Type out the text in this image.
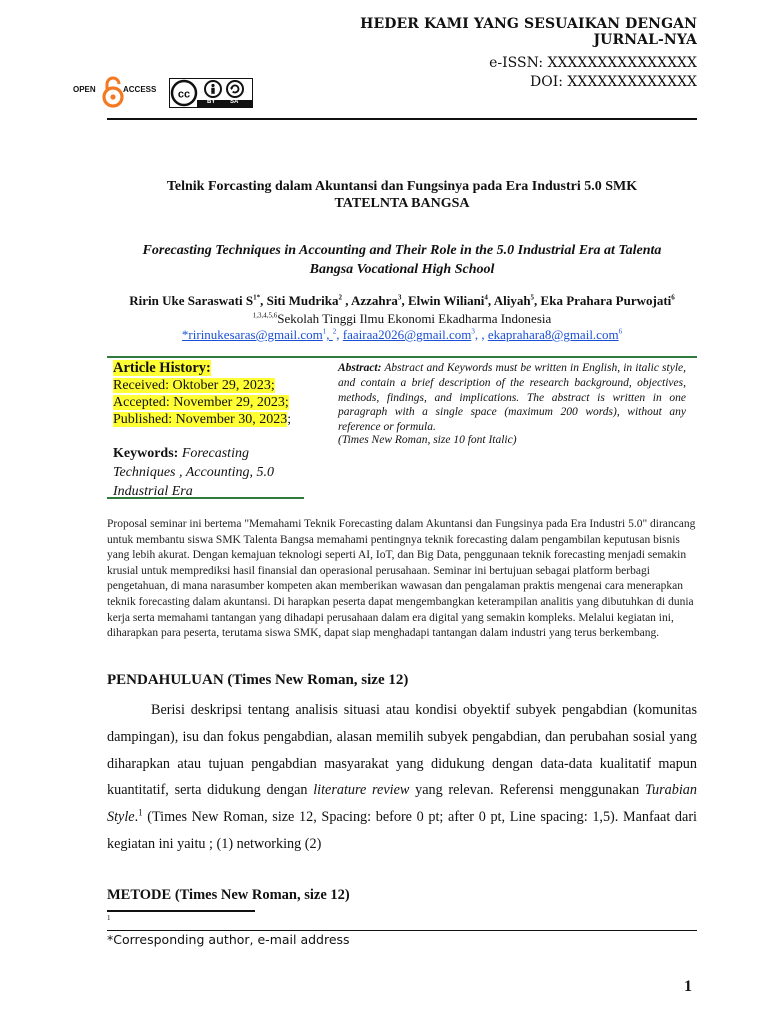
HEDER KAMI YANG SESUAIKAN DENGAN JURNAL-NYA
e-ISSN: XXXXXXXXXXXXXXX
DOI: XXXXXXXXXXXXX
OPEN	ACCESS cc
BY SA
Telnik Forcasting dalam Akuntansi dan Fungsinya pada Era Industri 5.0 SMK
TATELNTA BANGSA
Forecasting Techniques in Accounting and Their Role in the 5.0 Industrial Era at Talenta
Bangsa Vocational High School
Ririn Uke Saraswati $S^{1*}$, Siti Mudrika$^2$ , Azzahra$^3$, Elwin Wiliani$^4$, Aliyah$^5$, Eka Prahara Purwojati$^6$
$^{1,3,4,5,6}$Sekolah Tinggi Ilmu Ekonomi Ekadharma Indonesia
*ririnukesaras@gmail.com$^1$, $^2$, faairaa2026@gmail.com$^3$, , ekaprahara8@gmail.com$^6$
Article History:
Received: Oktober 29, 2023;
Accepted: November 29, 2023;
Published: November 30, 2023;
Keywords: Forecasting Techniques , Accounting, 5.0 Industrial Era
Abstract: Abstract and Keywords must be written in English, in italic style, and contain a brief description of the research background, objectives, methods, findings, and implications. The abstract is written in one paragraph with a single space (maximum 200 words), without any reference or formula.
(Times New Roman, size 10 font Italic)
Proposal seminar ini bertema "Memahami Teknik Forecasting dalam Akuntansi dan Fungsinya pada Era Industri 5.0" dirancang untuk membantu siswa SMK Talenta Bangsa memahami pentingnya teknik forecasting dalam pengambilan keputusan bisnis yang lebih akurat. Dengan kemajuan teknologi seperti AI, IoT, dan Big Data, penggunaan teknik forecasting menjadi semakin krusial untuk memprediksi hasil finansial dan operasional perusahaan. Seminar ini bertujuan sebagai platform berbagi pengetahuan, di mana narasumber kompeten akan memberikan wawasan dan pengalaman praktis mengenai cara menerapkan teknik forecasting dalam akuntansi. Di harapkan peserta dapat mengembangkan keterampilan analitis yang dibutuhkan di dunia kerja serta memahami tantangan yang dihadapi perusahaan dalam era digital yang semakin kompleks. Melalui kegiatan ini, diharapkan para peserta, terutama siswa SMK, dapat siap menghadapi tantangan dalam industri yang terus berkembang.
PENDAHULUAN (Times New Roman, size 12)
Berisi deskripsi tentang analisis situasi atau kondisi obyektif subyek pengabdian (komunitas dampingan), isu dan fokus pengabdian, alasan memilih subyek pengabdian, dan perubahan sosial yang diharapkan atau tujuan pengabdian masyarakat yang didukung dengan data-data kualitatif mapun kuantitatif, serta didukung dengan literature review yang relevan. Referensi menggunakan Turabian Style.$^1$ (Times New Roman, size 12, Spacing: before 0 pt; after 0 pt, Line spacing: 1,5). Manfaat dari kegiatan ini yaitu ; (1) networking (2)
METODE (Times New Roman, size 12)
1
*Corresponding author, e-mail address
1
